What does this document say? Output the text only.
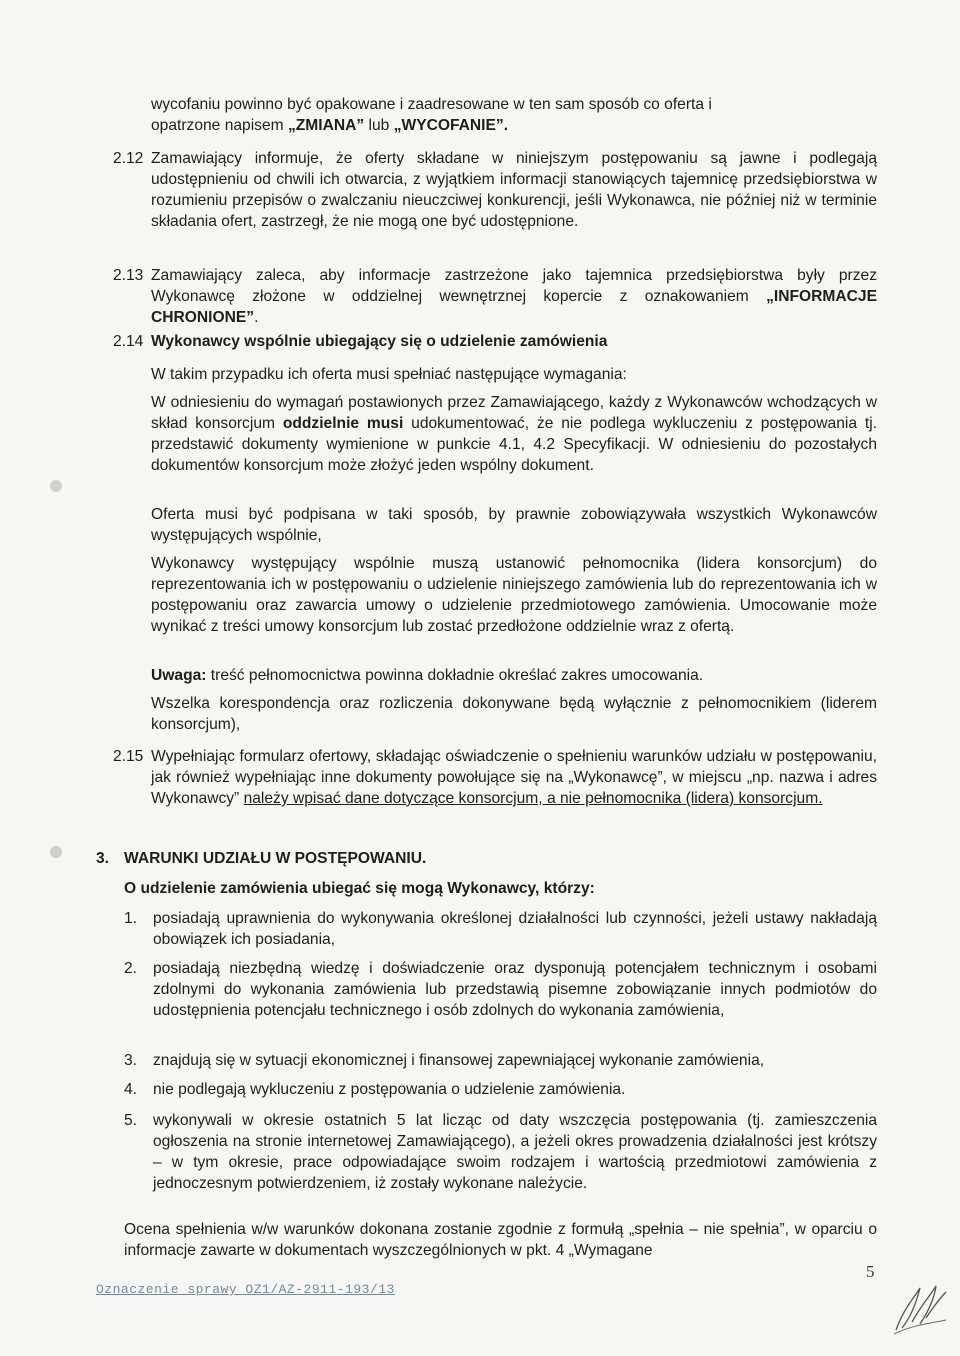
wycofaniu powinno być opakowane i zaadresowane w ten sam sposób co oferta i

opatrzone napisem „ZMIANA” lub „WYCOFANIE”.

2.12 Zamawiający informuje, że oferty składane w niniejszym postępowaniu są jawne i podlegają udostępnieniu od chwili ich otwarcia, z wyjątkiem informacji stanowiących tajemnicę przedsiębiorstwa w rozumieniu przepisów o zwalczaniu nieuczciwej konkurencji, jeśli Wykonawca, nie później niż w terminie składania ofert, zastrzegł, że nie mogą one być udostępnione.

2.13 Zamawiający zaleca, aby informacje zastrzeżone jako tajemnica przedsiębiorstwa były przez Wykonawcę złożone w oddzielnej wewnętrznej kopercie z oznakowaniem „INFORMACJE CHRONIONE”.

2.14 Wykonawcy wspólnie ubiegający się o udzielenie zamówienia

W takim przypadku ich oferta musi spełniać następujące wymagania:

W odniesieniu do wymagań postawionych przez Zamawiającego, każdy z Wykonawców wchodzących w skład konsorcjum oddzielnie musi udokumentować, że nie podlega wykluczeniu z postępowania tj. przedstawić dokumenty wymienione w punkcie 4.1, 4.2 Specyfikacji. W odniesieniu do pozostałych dokumentów konsorcjum może złożyć jeden wspólny dokument.

Oferta musi być podpisana w taki sposób, by prawnie zobowiązywała wszystkich Wykonawców występujących wspólnie,

Wykonawcy występujący wspólnie muszą ustanowić pełnomocnika (lidera konsorcjum) do reprezentowania ich w postępowaniu o udzielenie niniejszego zamówienia lub do reprezentowania ich w postępowaniu oraz zawarcia umowy o udzielenie przedmiotowego zamówienia. Umocowanie może wynikać z treści umowy konsorcjum lub zostać przedłożone oddzielnie wraz z ofertą.

Uwaga: treść pełnomocnictwa powinna dokładnie określać zakres umocowania.

Wszelka korespondencja oraz rozliczenia dokonywane będą wyłącznie z pełnomocnikiem (liderem konsorcjum),

2.15 Wypełniając formularz ofertowy, składając oświadczenie o spełnieniu warunków udziału w postępowaniu, jak również wypełniając inne dokumenty powołujące się na „Wykonawcę”, w miejscu „np. nazwa i adres Wykonawcy” należy wpisać dane dotyczące konsorcjum, a nie pełnomocnika (lidera) konsorcjum.

3. WARUNKI UDZIAŁU W POSTĘPOWANIU.
O udzielenie zamówienia ubiegać się mogą Wykonawcy, którzy:
1. posiadają uprawnienia do wykonywania określonej działalności lub czynności, jeżeli ustawy nakładają obowiązek ich posiadania,
2. posiadają niezbędną wiedzę i doświadczenie oraz dysponują potencjałem technicznym i osobami zdolnymi do wykonania zamówienia lub przedstawią pisemne zobowiązanie innych podmiotów do udostępnienia potencjału technicznego i osób zdolnych do wykonania zamówienia,
3. znajdują się w sytuacji ekonomicznej i finansowej zapewniającej wykonanie zamówienia,
4. nie podlegają wykluczeniu z postępowania o udzielenie zamówienia.
5. wykonywali w okresie ostatnich 5 lat licząc od daty wszczęcia postępowania (tj. zamieszczenia ogłoszenia na stronie internetowej Zamawiającego), a jeżeli okres prowadzenia działalności jest krótszy – w tym okresie, prace odpowiadające swoim rodzajem i wartością przedmiotowi zamówienia z jednoczesnym potwierdzeniem, iż zostały wykonane należycie.
Ocena spełnienia w/w warunków dokonana zostanie zgodnie z formułą „spełnia – nie spełnia”, w oparciu o informacje zawarte w dokumentach wyszczególnionych w pkt. 4 „Wymagane
5
Oznaczenie sprawy OZ1/AZ-2911-193/13
